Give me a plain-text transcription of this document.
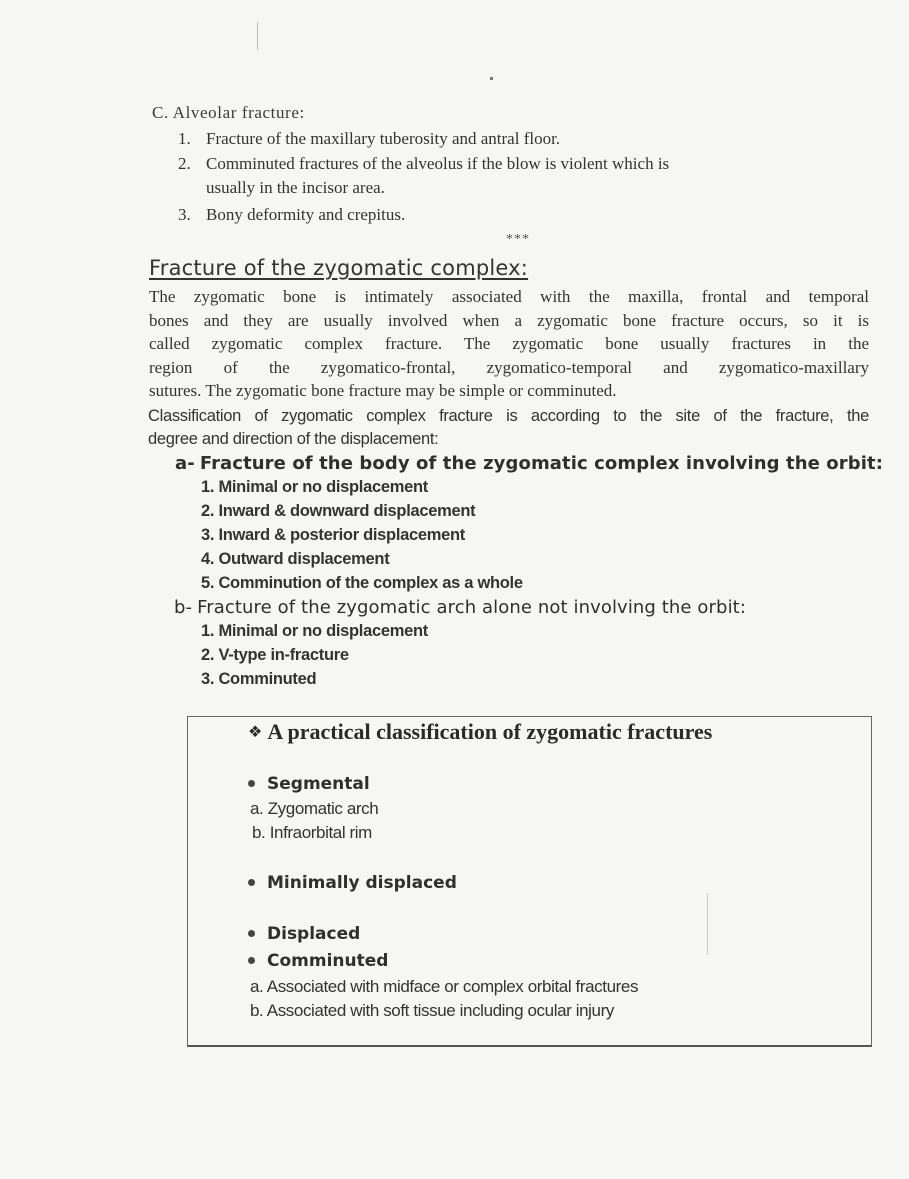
C. Alveolar fracture:
1. Fracture of the maxillary tuberosity and antral floor.
2. Comminuted fractures of the alveolus if the blow is violent which is
usually in the incisor area.
3. Bony deformity and crepitus.
***
Fracture of the zygomatic complex:
The zygomatic bone is intimately associated with the maxilla, frontal and temporal
bones and they are usually involved when a zygomatic bone fracture occurs, so it is
called zygomatic complex fracture. The zygomatic bone usually fractures in the
region of the zygomatico-frontal, zygomatico-temporal and zygomatico-maxillary
sutures. The zygomatic bone fracture may be simple or comminuted.
Classification of zygomatic complex fracture is according to the site of the fracture, the
degree and direction of the displacement:
a- Fracture of the body of the zygomatic complex involving the orbit:
1. Minimal or no displacement
2. Inward & downward displacement
3. Inward & posterior displacement
4. Outward displacement
5. Comminution of the complex as a whole
b- Fracture of the zygomatic arch alone not involving the orbit:
1. Minimal or no displacement
2. V-type in-fracture
3. Comminuted
❖ A practical classification of zygomatic fractures
Segmental
a. Zygomatic arch
b. Infraorbital rim
Minimally displaced
Displaced
Comminuted
a. Associated with midface or complex orbital fractures
b. Associated with soft tissue including ocular injury
